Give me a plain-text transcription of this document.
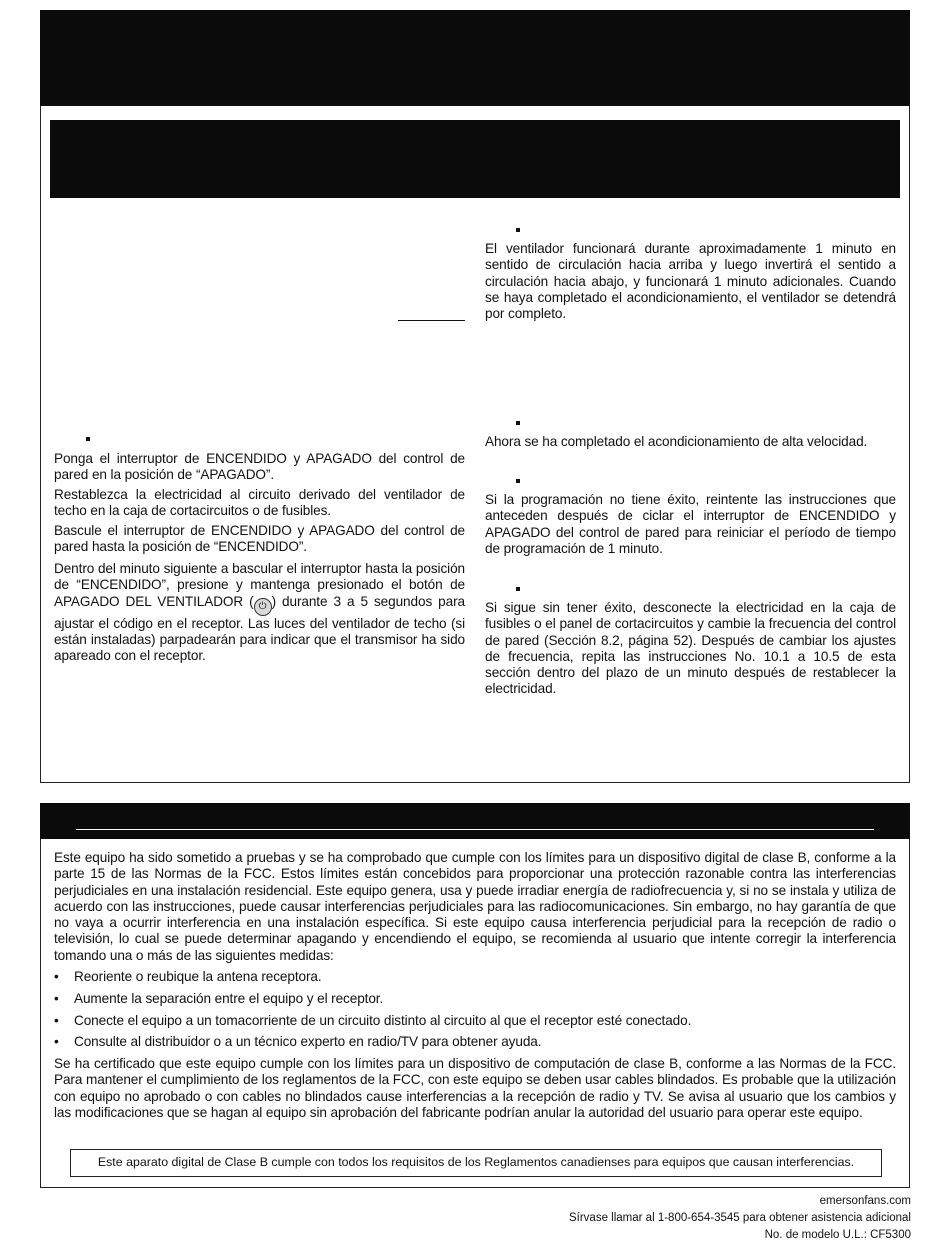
Ponga el interruptor de ENCENDIDO y APAGADO del control de pared en la posición de “APAGADO”.

Restablezca la electricidad al circuito derivado del ventilador de techo en la caja de cortacircuitos o de fusibles.

Bascule el interruptor de ENCENDIDO y APAGADO del control de pared hasta la posición de “ENCENDIDO”.

Dentro del minuto siguiente a bascular el interruptor hasta la posición de “ENCENDIDO”, presione y mantenga presionado el botón de APAGADO DEL VENTILADOR ( ⏻ ) durante 3 a 5 segundos para ajustar el código en el receptor. Las luces del ventilador de techo (si están instaladas) parpadearán para indicar que el transmisor ha sido apareado con el receptor.

El ventilador funcionará durante aproximadamente 1 minuto en sentido de circulación hacia arriba y luego invertirá el sentido a circulación hacia abajo, y funcionará 1 minuto adicionales. Cuando se haya completado el acondicionamiento, el ventilador se detendrá por completo.

Ahora se ha completado el acondicionamiento de alta velocidad.

Si la programación no tiene éxito, reintente las instrucciones que anteceden después de ciclar el interruptor de ENCENDIDO y APAGADO del control de pared para reiniciar el período de tiempo de programación de 1 minuto.

Si sigue sin tener éxito, desconecte la electricidad en la caja de fusibles o el panel de cortacircuitos y cambie la frecuencia del control de pared (Sección 8.2, página 52). Después de cambiar los ajustes de frecuencia, repita las instrucciones No. 10.1 a 10.5 de esta sección dentro del plazo de un minuto después de restablecer la electricidad.

Este equipo ha sido sometido a pruebas y se ha comprobado que cumple con los límites para un dispositivo digital de clase B, conforme a la parte 15 de las Normas de la FCC. Estos límites están concebidos para proporcionar una protección razonable contra las interferencias perjudiciales en una instalación residencial. Este equipo genera, usa y puede irradiar energía de radiofrecuencia y, si no se instala y utiliza de acuerdo con las instrucciones, puede causar interferencias perjudiciales para las radiocomunicaciones. Sin embargo, no hay garantía de que no vaya a ocurrir interferencia en una instalación específica. Si este equipo causa interferencia perjudicial para la recepción de radio o televisión, lo cual se puede determinar apagando y encendiendo el equipo, se recomienda al usuario que intente corregir la interferencia tomando una o más de las siguientes medidas:

• Reoriente o reubique la antena receptora.
• Aumente la separación entre el equipo y el receptor.
• Conecte el equipo a un tomacorriente de un circuito distinto al circuito al que el receptor esté conectado.
• Consulte al distribuidor o a un técnico experto en radio/TV para obtener ayuda.

Se ha certificado que este equipo cumple con los límites para un dispositivo de computación de clase B, conforme a las Normas de la FCC. Para mantener el cumplimiento de los reglamentos de la FCC, con este equipo se deben usar cables blindados. Es probable que la utilización con equipo no aprobado o con cables no blindados cause interferencias a la recepción de radio y TV. Se avisa al usuario que los cambios y las modificaciones que se hagan al equipo sin aprobación del fabricante podrían anular la autoridad del usuario para operar este equipo.

Este aparato digital de Clase B cumple con todos los requisitos de los Reglamentos canadienses para equipos que causan interferencias.
emersonfans.com
Sírvase llamar al 1-800-654-3545 para obtener asistencia adicional
No. de modelo U.L.: CF5300
